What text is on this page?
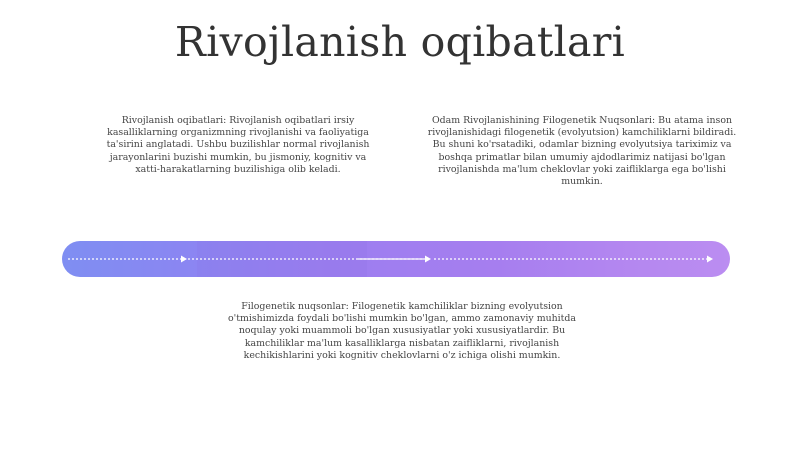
Rivojlanish oqibatlari
Rivojlanish oqibatlari: Rivojlanish oqibatlari irsiy kasalliklarning organizmning rivojlanishi va faoliyatiga ta'sirini anglatadi. Ushbu buzilishlar normal rivojlanish jarayonlarini buzishi mumkin, bu jismoniy, kognitiv va xatti-harakatlarning buzilishiga olib keladi.
Odam Rivojlanishining Filogenetik Nuqsonlari: Bu atama inson rivojlanishidagi filogenetik (evolyutsion) kamchiliklarni bildiradi. Bu shuni ko'rsatadiki, odamlar bizning evolyutsiya tariximiz va boshqa primatlar bilan umumiy ajdodlarimiz natijasi bo'lgan rivojlanishda ma'lum cheklovlar yoki zaifliklarga ega bo'lishi mumkin.
Filogenetik nuqsonlar: Filogenetik kamchiliklar bizning evolyutsion o'tmishimizda foydali bo'lishi mumkin bo'lgan, ammo zamonaviy muhitda noqulay yoki muammoli bo'lgan xususiyatlar yoki xususiyatlardir. Bu kamchiliklar ma'lum kasalliklarga nisbatan zaifliklarni, rivojlanish kechikishlarini yoki kognitiv cheklovlarni o'z ichiga olishi mumkin.
